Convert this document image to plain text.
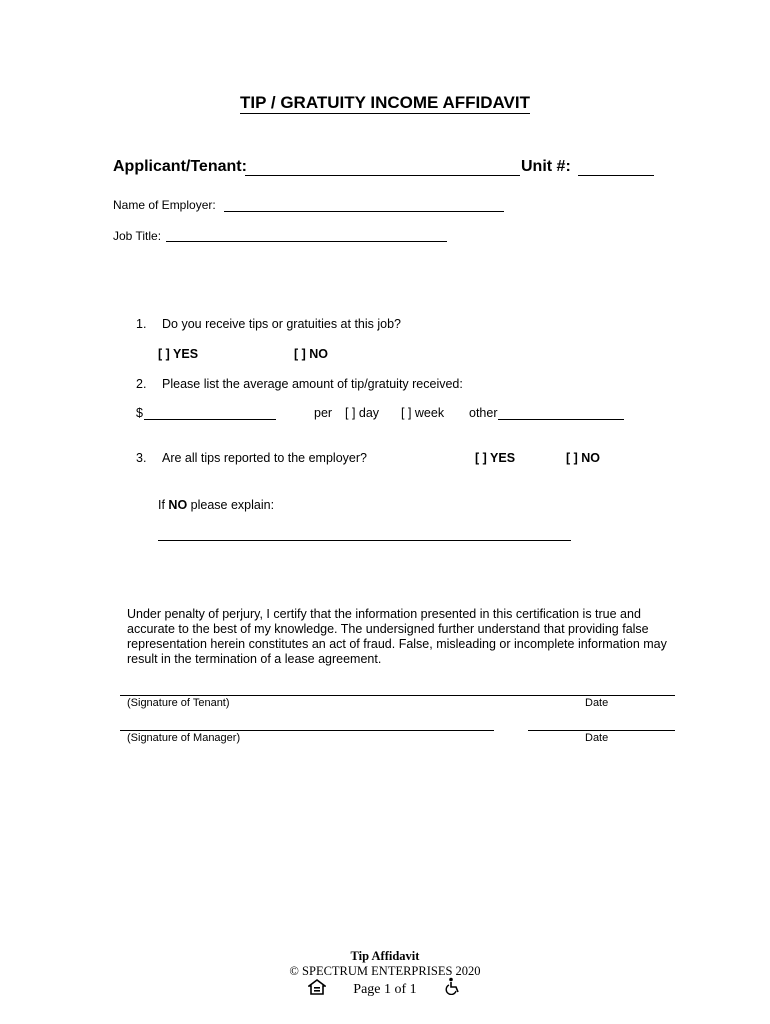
TIP / GRATUITY INCOME AFFIDAVIT
Applicant/Tenant:	Unit #:
Name of Employer:
Job Title:
1. Do you receive tips or gratuities at this job?
[ ] YES	[ ] NO
2. Please list the average amount of tip/gratuity received:
$	per [ ] day [ ] week other
3. Are all tips reported to the employer?	[ ] YES	[ ] NO
If NO please explain:
Under penalty of perjury, I certify that the information presented in this certification is true and accurate to the best of my knowledge. The undersigned further understand that providing false representation herein constitutes an act of fraud. False, misleading or incomplete information may result in the termination of a lease agreement.
(Signature of Tenant)	Date
(Signature of Manager)	Date
Tip Affidavit
© SPECTRUM ENTERPRISES 2020
Page 1 of 1
